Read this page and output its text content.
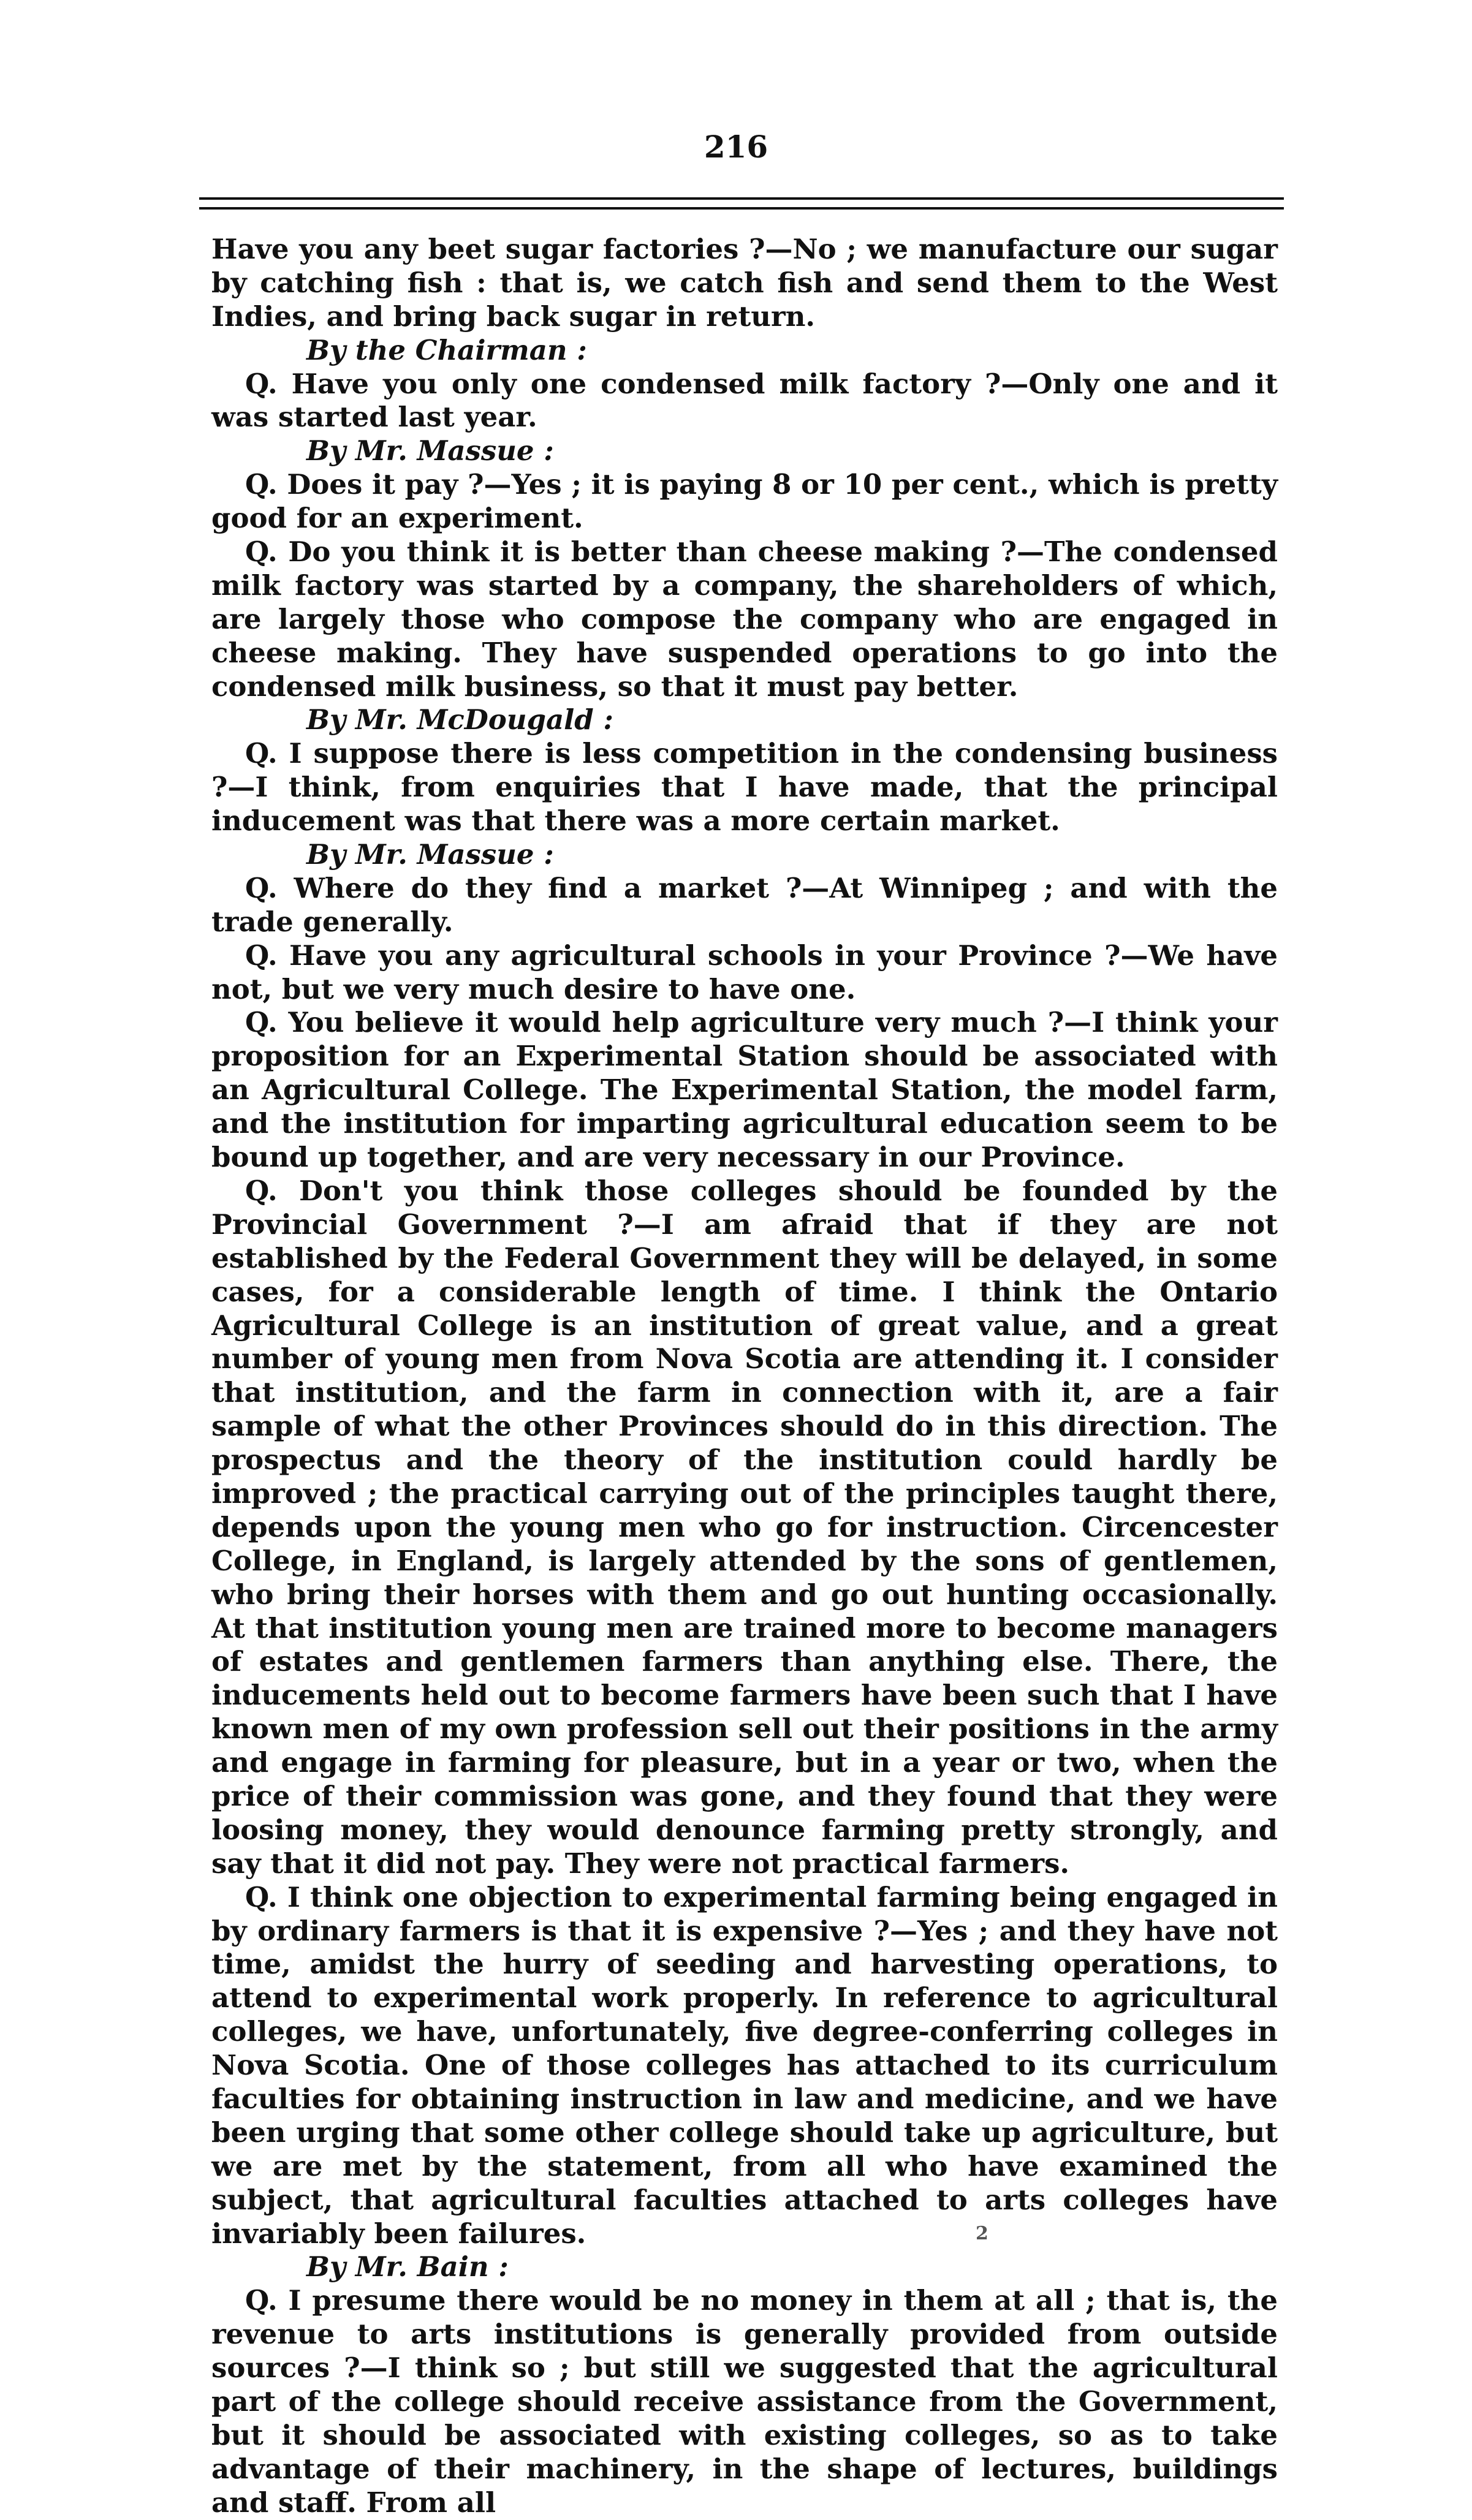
216

Have you any beet sugar factories ?—No ; we manufacture our sugar by catching fish : that is, we catch fish and send them to the West Indies, and bring back sugar in return.

By the Chairman :

Q. Have you only one condensed milk factory ?—Only one and it was started last year.

By Mr. Massue :

Q. Does it pay ?—Yes ; it is paying 8 or 10 per cent., which is pretty good for an experiment.

Q. Do you think it is better than cheese making ?—The condensed milk factory was started by a company, the shareholders of which, are largely those who compose the company who are engaged in cheese making. They have suspended operations to go into the condensed milk business, so that it must pay better.

By Mr. McDougald :

Q. I suppose there is less competition in the condensing business ?—I think, from enquiries that I have made, that the principal inducement was that there was a more certain market.

By Mr. Massue :

Q. Where do they find a market ?—At Winnipeg ; and with the trade generally.

Q. Have you any agricultural schools in your Province ?—We have not, but we very much desire to have one.

Q. You believe it would help agriculture very much ?—I think your proposition for an Experimental Station should be associated with an Agricultural College. The Experimental Station, the model farm, and the institution for imparting agricultural education seem to be bound up together, and are very necessary in our Province.

Q. Don't you think those colleges should be founded by the Provincial Government ?—I am afraid that if they are not established by the Federal Government they will be delayed, in some cases, for a considerable length of time. I think the Ontario Agricultural College is an institution of great value, and a great number of young men from Nova Scotia are attending it. I consider that institution, and the farm in connection with it, are a fair sample of what the other Provinces should do in this direction. The prospectus and the theory of the institution could hardly be improved ; the practical carrying out of the principles taught there, depends upon the young men who go for instruction. Circencester College, in England, is largely attended by the sons of gentlemen, who bring their horses with them and go out hunting occasionally. At that institution young men are trained more to become managers of estates and gentlemen farmers than anything else. There, the inducements held out to become farmers have been such that I have known men of my own profession sell out their positions in the army and engage in farming for pleasure, but in a year or two, when the price of their commission was gone, and they found that they were loosing money, they would denounce farming pretty strongly, and say that it did not pay. They were not practical farmers.

Q. I think one objection to experimental farming being engaged in by ordinary farmers is that it is expensive ?—Yes ; and they have not time, amidst the hurry of seeding and harvesting operations, to attend to experimental work properly. In reference to agricultural colleges, we have, unfortunately, five degree-conferring colleges in Nova Scotia. One of those colleges has attached to its curriculum faculties for obtaining instruction in law and medicine, and we have been urging that some other college should take up agriculture, but we are met by the statement, from all who have examined the subject, that agricultural faculties attached to arts colleges have invariably been failures.

By Mr. Bain :

Q. I presume there would be no money in them at all ; that is, the revenue to arts institutions is generally provided from outside sources ?—I think so ; but still we suggested that the agricultural part of the college should receive assistance from the Government, but it should be associated with existing colleges, so as to take advantage of their machinery, in the shape of lectures, buildings and staff. From all

2
